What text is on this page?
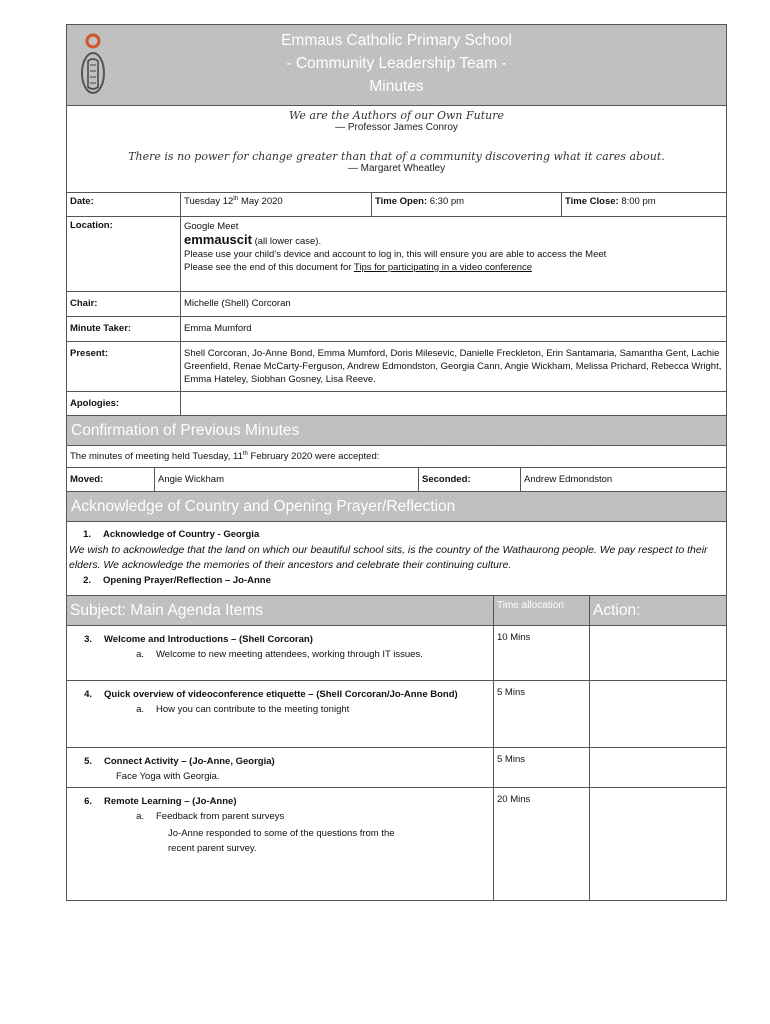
Emmaus Catholic Primary School
- Community Leadership Team -
Minutes
We are the Authors of our Own Future
— Professor James Conroy
There is no power for change greater than that of a community discovering what it cares about.
— Margaret Wheatley
Date:	Tuesday 12th May 2020	Time Open: 6:30 pm	Time Close: 8:00 pm
Location:	Google Meet
emmauscit (all lower case).
Please use your child’s device and account to log in, this will ensure you are able to access the Meet
Please see the end of this document for Tips for participating in a video conference
Chair:	Michelle (Shell) Corcoran
Minute Taker:	Emma Mumford
Present:	Shell Corcoran, Jo-Anne Bond, Emma Mumford, Doris Milesevic, Danielle Freckleton, Erin Santamaria, Samantha Gent, Lachie Greenfield, Renae McCarty-Ferguson, Andrew Edmondston, Georgia Cann, Angie Wickham, Melissa Prichard, Rebecca Wright, Emma Hateley, Siobhan Gosney, Lisa Reeve.
Apologies:
Confirmation of Previous Minutes
The minutes of meeting held Tuesday, 11th February 2020 were accepted:
Moved:	Angie Wickham	Seconded:	Andrew Edmondston
Acknowledge of Country and Opening Prayer/Reflection
1. Acknowledge of Country - Georgia
We wish to acknowledge that the land on which our beautiful school sits, is the country of the Wathaurong people. We pay respect to their elders. We acknowledge the memories of their ancestors and celebrate their continuing culture.
2. Opening Prayer/Reflection – Jo-Anne
Subject: Main Agenda Items	Time allocation	Action:
3. Welcome and Introductions – (Shell Corcoran)
a. Welcome to new meeting attendees, working through IT issues.
10 Mins
4. Quick overview of videoconference etiquette – (Shell Corcoran/Jo-Anne Bond)
a. How you can contribute to the meeting tonight
5 Mins
5. Connect Activity – (Jo-Anne, Georgia)
Face Yoga with Georgia.
5 Mins
6. Remote Learning – (Jo-Anne)
a. Feedback from parent surveys
Jo-Anne responded to some of the questions from the recent parent survey.
20 Mins
